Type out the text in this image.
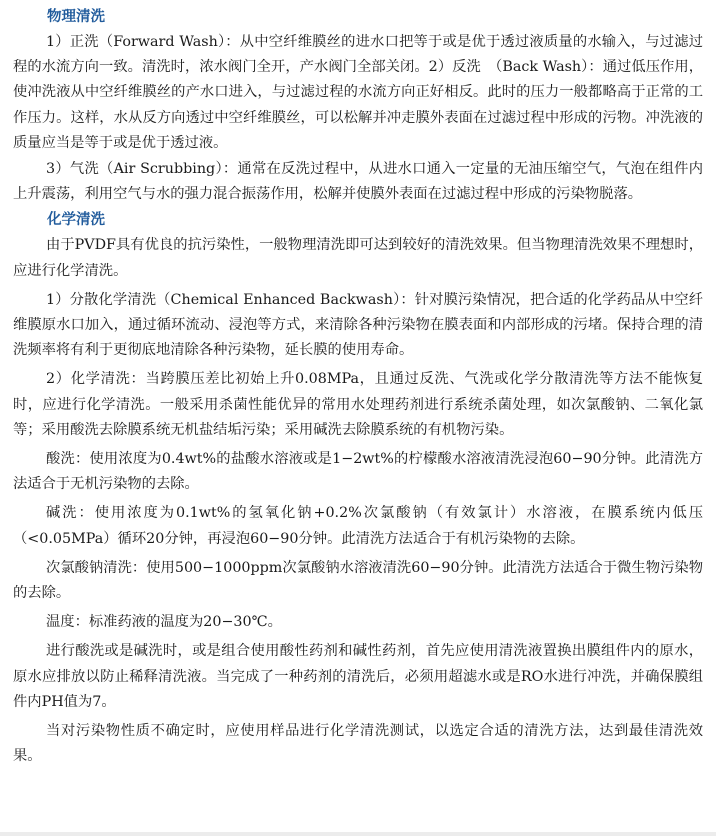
物理清洗

1）正洗（Forward Wash）：从中空纤维膜丝的进水口把等于或是优于透过液质量的水输入，与过滤过程的水流方向一致。清洗时，浓水阀门全开，产水阀门全部关闭。2）反洗　（Back Wash）：通过低压作用，使冲洗液从中空纤维膜丝的产水口进入，与过滤过程的水流方向正好相反。此时的压力一般都略高于正常的工作压力。这样，水从反方向透过中空纤维膜丝，可以松解并冲走膜外表面在过滤过程中形成的污物。冲洗液的质量应当是等于或是优于透过液。

3）气洗（Air Scrubbing）：通常在反洗过程中，从进水口通入一定量的无油压缩空气，气泡在组件内上升震荡，利用空气与水的强力混合振荡作用，松解并使膜外表面在过滤过程中形成的污染物脱落。

化学清洗

由于PVDF具有优良的抗污染性，一般物理清洗即可达到较好的清洗效果。但当物理清洗效果不理想时，应进行化学清洗。

1）分散化学清洗（Chemical Enhanced Backwash）：针对膜污染情况，把合适的化学药品从中空纤维膜原水口加入，通过循环流动、浸泡等方式，来清除各种污染物在膜表面和内部形成的污堵。保持合理的清洗频率将有利于更彻底地清除各种污染物，延长膜的使用寿命。

2）化学清洗：当跨膜压差比初始上升0.08MPa，且通过反洗、气洗或化学分散清洗等方法不能恢复时，应进行化学清洗。一般采用杀菌性能优异的常用水处理药剂进行系统杀菌处理，如次氯酸钠、二氧化氯等；采用酸洗去除膜系统无机盐结垢污染；采用碱洗去除膜系统的有机物污染。

酸洗：使用浓度为0.4wt%的盐酸水溶液或是1−2wt%的柠檬酸水溶液清洗浸泡60−90分钟。此清洗方法适合于无机污染物的去除。

碱洗：使用浓度为0.1wt%的氢氧化钠+0.2%次氯酸钠（有效氯计）水溶液，在膜系统内低压（<0.05MPa）循环20分钟，再浸泡60−90分钟。此清洗方法适合于有机污染物的去除。

次氯酸钠清洗：使用500−1000ppm次氯酸钠水溶液清洗60−90分钟。此清洗方法适合于微生物污染物的去除。

温度：标准药液的温度为20−30℃。

进行酸洗或是碱洗时，或是组合使用酸性药剂和碱性药剂，首先应使用清洗液置换出膜组件内的原水，原水应排放以防止稀释清洗液。当完成了一种药剂的清洗后，必须用超滤水或是RO水进行冲洗，并确保膜组件内PH值为7。

当对污染物性质不确定时，应使用样品进行化学清洗测试，以选定合适的清洗方法，达到最佳清洗效果。
